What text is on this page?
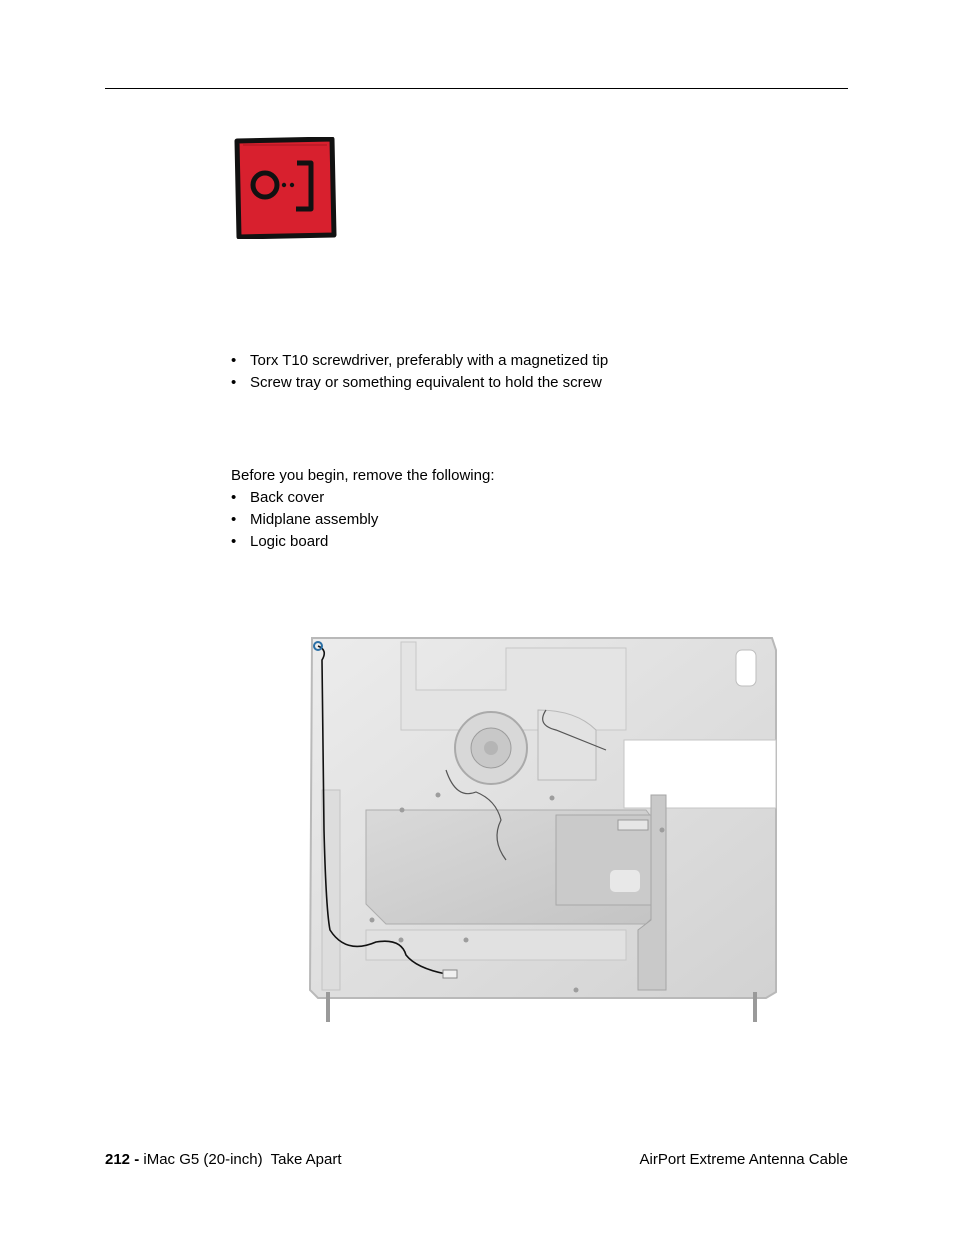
• Torx T10 screwdriver, preferably with a magnetized tip
• Screw tray or something equivalent to hold the screw
Before you begin, remove the following:
• Back cover
• Midplane assembly
• Logic board
212 - iMac G5 (20-inch)  Take Apart	AirPort Extreme Antenna Cable
